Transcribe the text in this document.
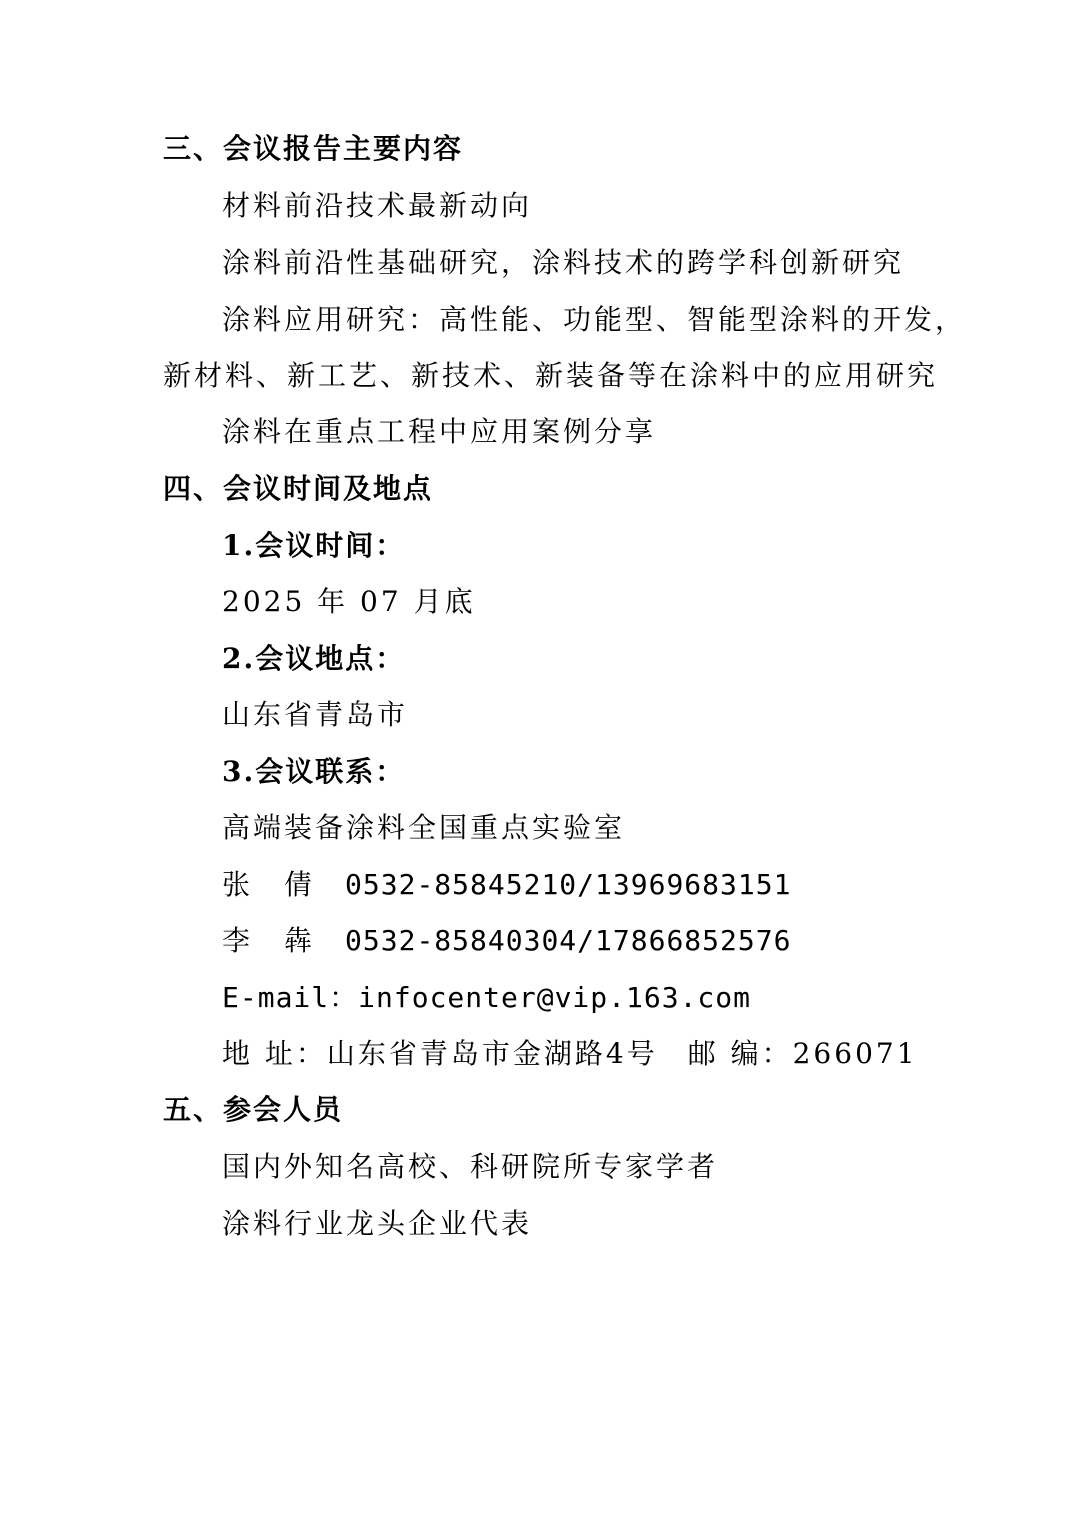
三、会议报告主要内容
材料前沿技术最新动向
涂料前沿性基础研究，涂料技术的跨学科创新研究
涂料应用研究：高性能、功能型、智能型涂料的开发，
新材料、新工艺、新技术、新装备等在涂料中的应用研究
涂料在重点工程中应用案例分享
四、会议时间及地点
1.会议时间：
2025 年 07 月底
2.会议地点：
山东省青岛市
3.会议联系：
高端装备涂料全国重点实验室
张　倩 0532-85845210/13969683151
李　犇 0532-85840304/17866852576
E-mail：infocenter@vip.163.com
地 址：山东省青岛市金湖路4号 邮 编：266071
五、参会人员
国内外知名高校、科研院所专家学者
涂料行业龙头企业代表
